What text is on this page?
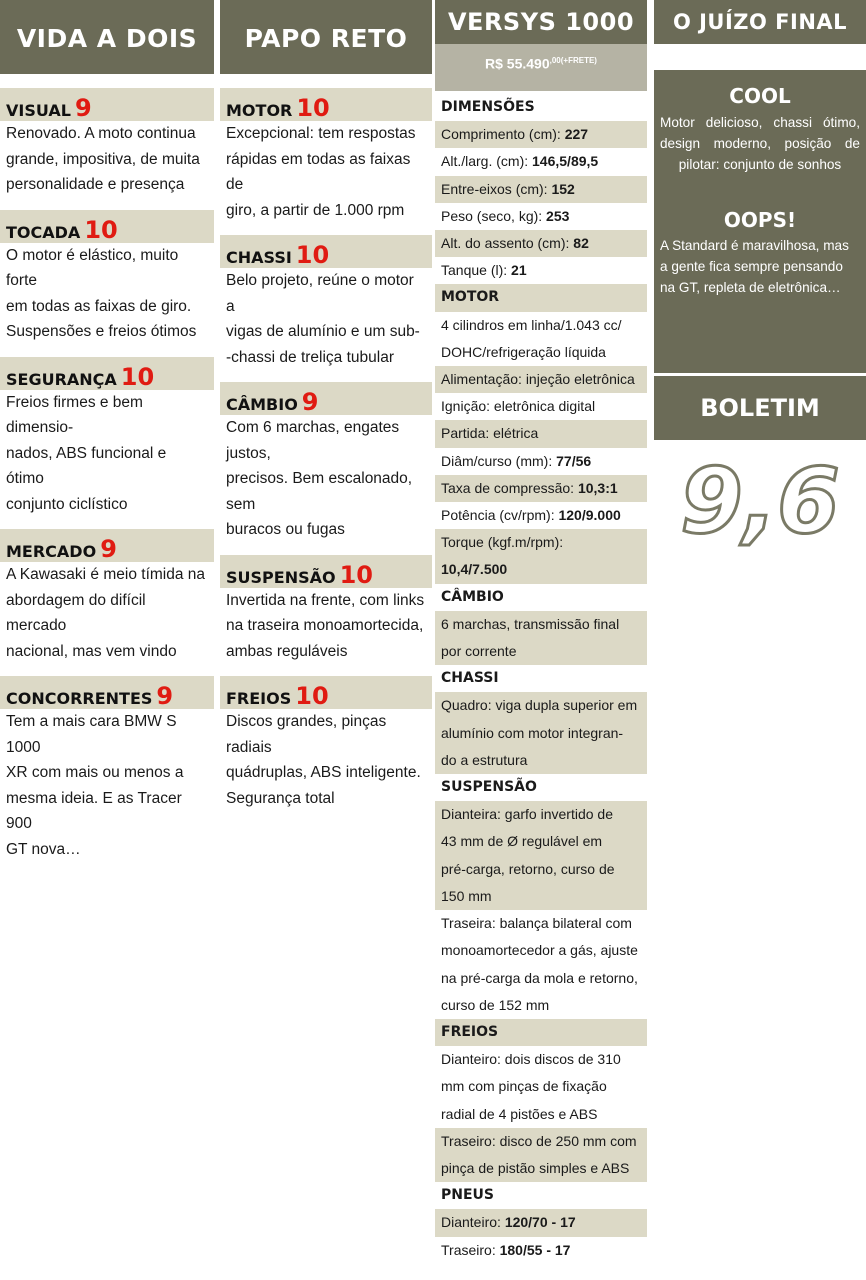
VIDA A DOIS
VISUAL 9
Renovado. A moto continua
grande, impositiva, de muita
personalidade e presença
TOCADA 10
O motor é elástico, muito forte
em todas as faixas de giro.
Suspensões e freios ótimos
SEGURANÇA 10
Freios firmes e bem dimensio-
nados, ABS funcional e ótimo
conjunto ciclístico
MERCADO 9
A Kawasaki é meio tímida na
abordagem do difícil mercado
nacional, mas vem vindo
CONCORRENTES 9
Tem a mais cara BMW S 1000
XR com mais ou menos a
mesma ideia. E as Tracer 900
GT nova…
PAPO RETO
MOTOR 10
Excepcional: tem respostas
rápidas em todas as faixas de
giro, a partir de 1.000 rpm
CHASSI 10
Belo projeto, reúne o motor a
vigas de alumínio e um sub-
-chassi de treliça tubular
CÂMBIO 9
Com 6 marchas, engates justos,
precisos. Bem escalonado, sem
buracos ou fugas
SUSPENSÃO 10
Invertida na frente, com links
na traseira monoamortecida,
ambas reguláveis
FREIOS 10
Discos grandes, pinças radiais
quádruplas, ABS inteligente.
Segurança total
VERSYS 1000
R$ $55.490^{,00(+FRETE)}$
DIMENSÕES
Comprimento (cm): 227
Alt./larg. (cm): 146,5/89,5
Entre-eixos (cm): 152
Peso (seco, kg): 253
Alt. do assento (cm): 82
Tanque (l): 21
MOTOR
4 cilindros em linha/1.043 cc/
DOHC/refrigeração líquida
Alimentação: injeção eletrônica
Ignição: eletrônica digital
Partida: elétrica
Diâm/curso (mm): 77/56
Taxa de compressão: 10,3:1
Potência (cv/rpm): 120/9.000
Torque (kgf.m/rpm):
10,4/7.500
CÂMBIO
6 marchas, transmissão final
por corrente
CHASSI
Quadro: viga dupla superior em
alumínio com motor integran-
do a estrutura
SUSPENSÃO
Dianteira: garfo invertido de
43 mm de Ø regulável em
pré-carga, retorno, curso de
150 mm
Traseira: balança bilateral com
monoamortecedor a gás, ajuste
na pré-carga da mola e retorno,
curso de 152 mm
FREIOS
Dianteiro: dois discos de 310
mm com pinças de fixação
radial de 4 pistões e ABS
Traseiro: disco de 250 mm com
pinça de pistão simples e ABS
PNEUS
Dianteiro: 120/70 - 17
Traseiro: 180/55 - 17
O JUÍZO FINAL
COOL
Motor delicioso, chassi ótimo, design moderno, posição de pilotar: conjunto de sonhos
OOPS!
A Standard é maravilhosa, mas a gente fica sempre pensando na GT, repleta de eletrônica…
BOLETIM
9,6
